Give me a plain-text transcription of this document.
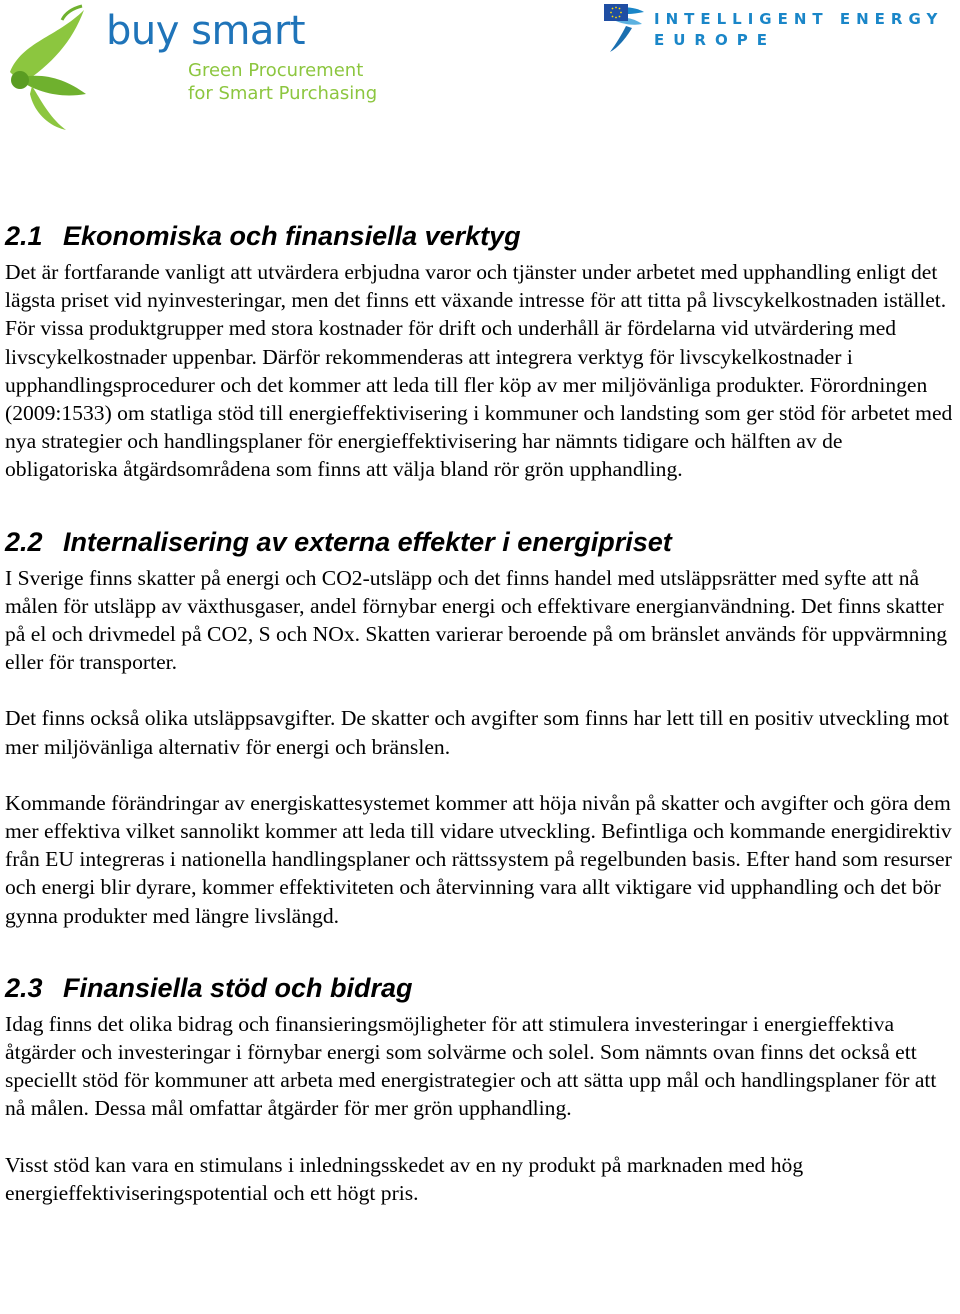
buy smart
Green Procurement
for Smart Purchasing
INTELLIGENT ENERGY
EUROPE
2.1 Ekonomiska och finansiella verktyg

Det är fortfarande vanligt att utvärdera erbjudna varor och tjänster under arbetet med upphandling enligt det lägsta priset vid nyinvesteringar, men det finns ett växande intresse för att titta på livscykelkostnaden istället. För vissa produktgrupper med stora kostnader för drift och underhåll är fördelarna vid utvärdering med livscykelkostnader uppenbar. Därför rekommenderas att integrera verktyg för livscykelkostnader i upphandlingsprocedurer och det kommer att leda till fler köp av mer miljövänliga produkter. Förordningen (2009:1533) om statliga stöd till energieffektivisering i kommuner och landsting som ger stöd för arbetet med nya strategier och handlingsplaner för energieffektivisering har nämnts tidigare och hälften av de obligatoriska åtgärdsområdena som finns att välja bland rör grön upphandling.

2.2 Internalisering av externa effekter i energipriset

I Sverige finns skatter på energi och CO2-utsläpp och det finns handel med utsläppsrätter med syfte att nå målen för utsläpp av växthusgaser, andel förnybar energi och effektivare energianvändning. Det finns skatter på el och drivmedel på CO2, S och NOx. Skatten varierar beroende på om bränslet används för uppvärmning eller för transporter.

Det finns också olika utsläppsavgifter. De skatter och avgifter som finns har lett till en positiv utveckling mot mer miljövänliga alternativ för energi och bränslen.

Kommande förändringar av energiskattesystemet kommer att höja nivån på skatter och avgifter och göra dem mer effektiva vilket sannolikt kommer att leda till vidare utveckling. Befintliga och kommande energidirektiv från EU integreras i nationella handlingsplaner och rättssystem på regelbunden basis. Efter hand som resurser och energi blir dyrare, kommer effektiviteten och återvinning vara allt viktigare vid upphandling och det bör gynna produkter med längre livslängd.

2.3 Finansiella stöd och bidrag

Idag finns det olika bidrag och finansieringsmöjligheter för att stimulera investeringar i energieffektiva åtgärder och investeringar i förnybar energi som solvärme och solel. Som nämnts ovan finns det också ett speciellt stöd för kommuner att arbeta med energistrategier och att sätta upp mål och handlingsplaner för att nå målen. Dessa mål omfattar åtgärder för mer grön upphandling.

Visst stöd kan vara en stimulans i inledningsskedet av en ny produkt på marknaden med hög energieffektiviseringspotential och ett högt pris.
